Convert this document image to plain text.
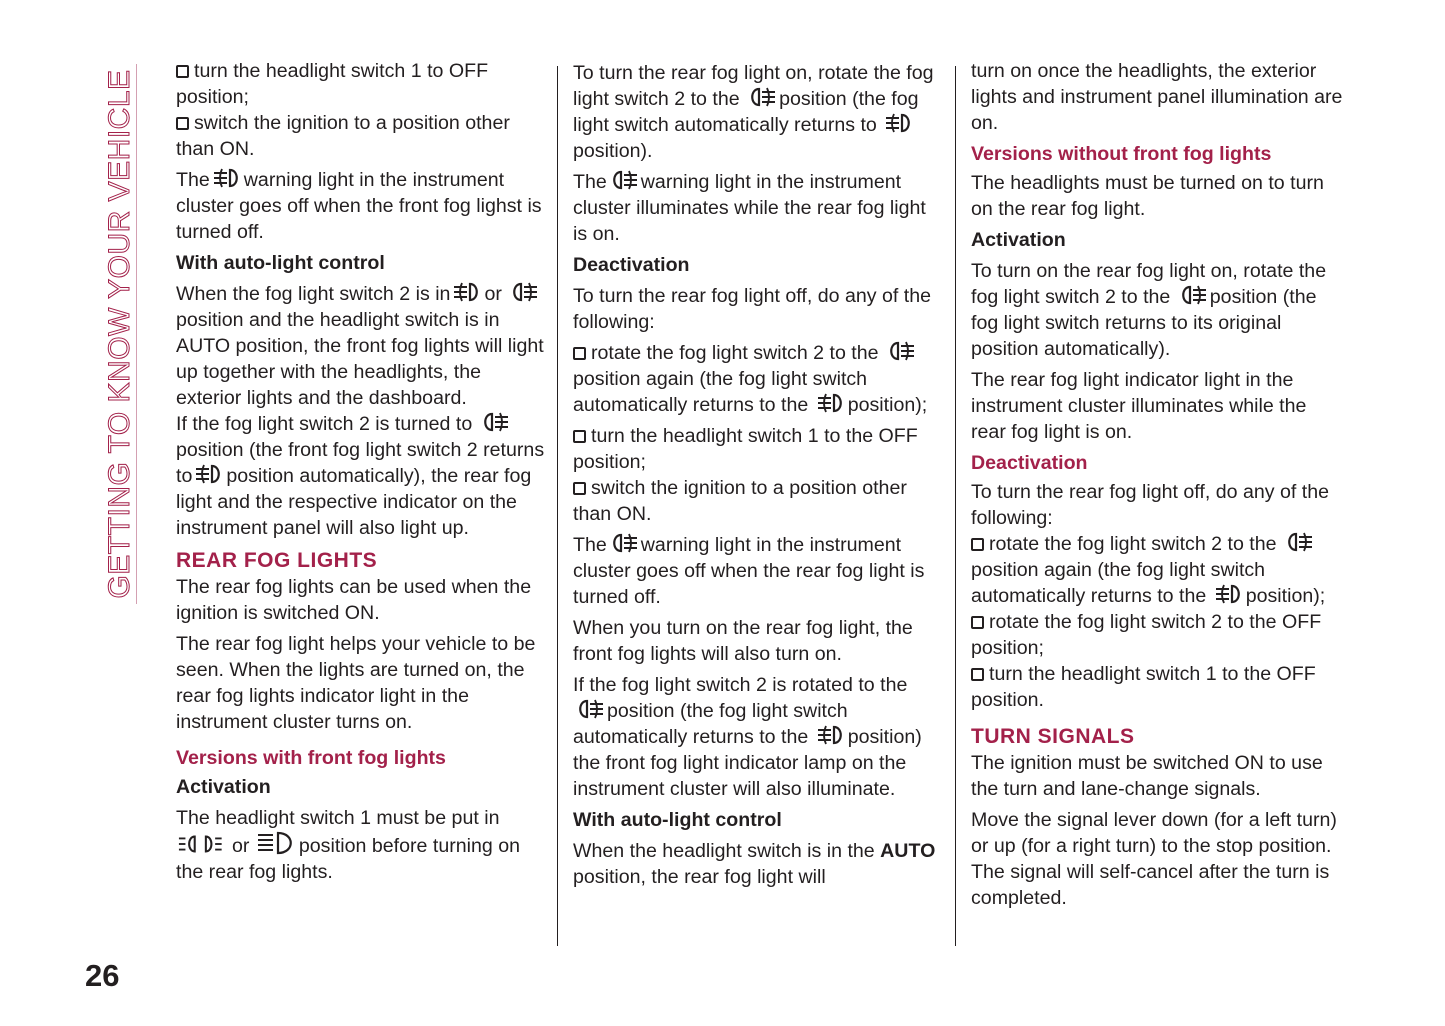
GETTING TO KNOW YOUR VEHICLE	turn the headlight switch 1 to OFF position;

switch the ignition to a position other than ON.

The warning light in the instrument cluster goes off when the front fog lighst is turned off.

With auto-light control

When the fog light switch 2 is in or position and the headlight switch is in AUTO position, the front fog lights will light up together with the headlights, the exterior lights and the dashboard.

If the fog light switch 2 is turned to position (the front fog light switch 2 returns to position automatically), the rear fog light and the respective indicator on the instrument panel will also light up.

REAR FOG LIGHTS

The rear fog lights can be used when the ignition is switched ON.

The rear fog light helps your vehicle to be seen. When the lights are turned on, the rear fog lights indicator light in the instrument cluster turns on.

Versions with front fog lights
Activation

The headlight switch 1 must be put in or	position before turning on the rear fog lights.

To turn the rear fog light on, rotate the fog light switch 2 to the position (the fog light switch automatically returns to position).

The warning light in the instrument cluster illuminates while the rear fog light is on.

Deactivation

To turn the rear fog light off, do any of the following:

rotate the fog light switch 2 to the position again (the fog light switch automatically returns to the position);

turn the headlight switch 1 to the OFF position;

switch the ignition to a position other than ON.

The warning light in the instrument cluster goes off when the rear fog light is turned off.

When you turn on the rear fog light, the front fog lights will also turn on.

If the fog light switch 2 is rotated to the position (the fog light switch automatically returns to the position) the front fog light indicator lamp on the instrument cluster will also illuminate.

With auto-light control

When the headlight switch is in the AUTO position, the rear fog light will

turn on once the headlights, the exterior lights and instrument panel illumination are on.

Versions without front fog lights

The headlights must be turned on to turn on the rear fog light.

Activation

To turn on the rear fog light on, rotate the fog light switch 2 to the position (the fog light switch returns to its original position automatically).

The rear fog light indicator light in the instrument cluster illuminates while the rear fog light is on.

Deactivation

To turn the rear fog light off, do any of the following:

rotate the fog light switch 2 to the position again (the fog light switch automatically returns to the position);

rotate the fog light switch 2 to the OFF position;

turn the headlight switch 1 to the OFF position.

TURN SIGNALS

The ignition must be switched ON to use the turn and lane-change signals.

Move the signal lever down (for a left turn) or up (for a right turn) to the stop position. The signal will self-cancel after the turn is completed.

26
